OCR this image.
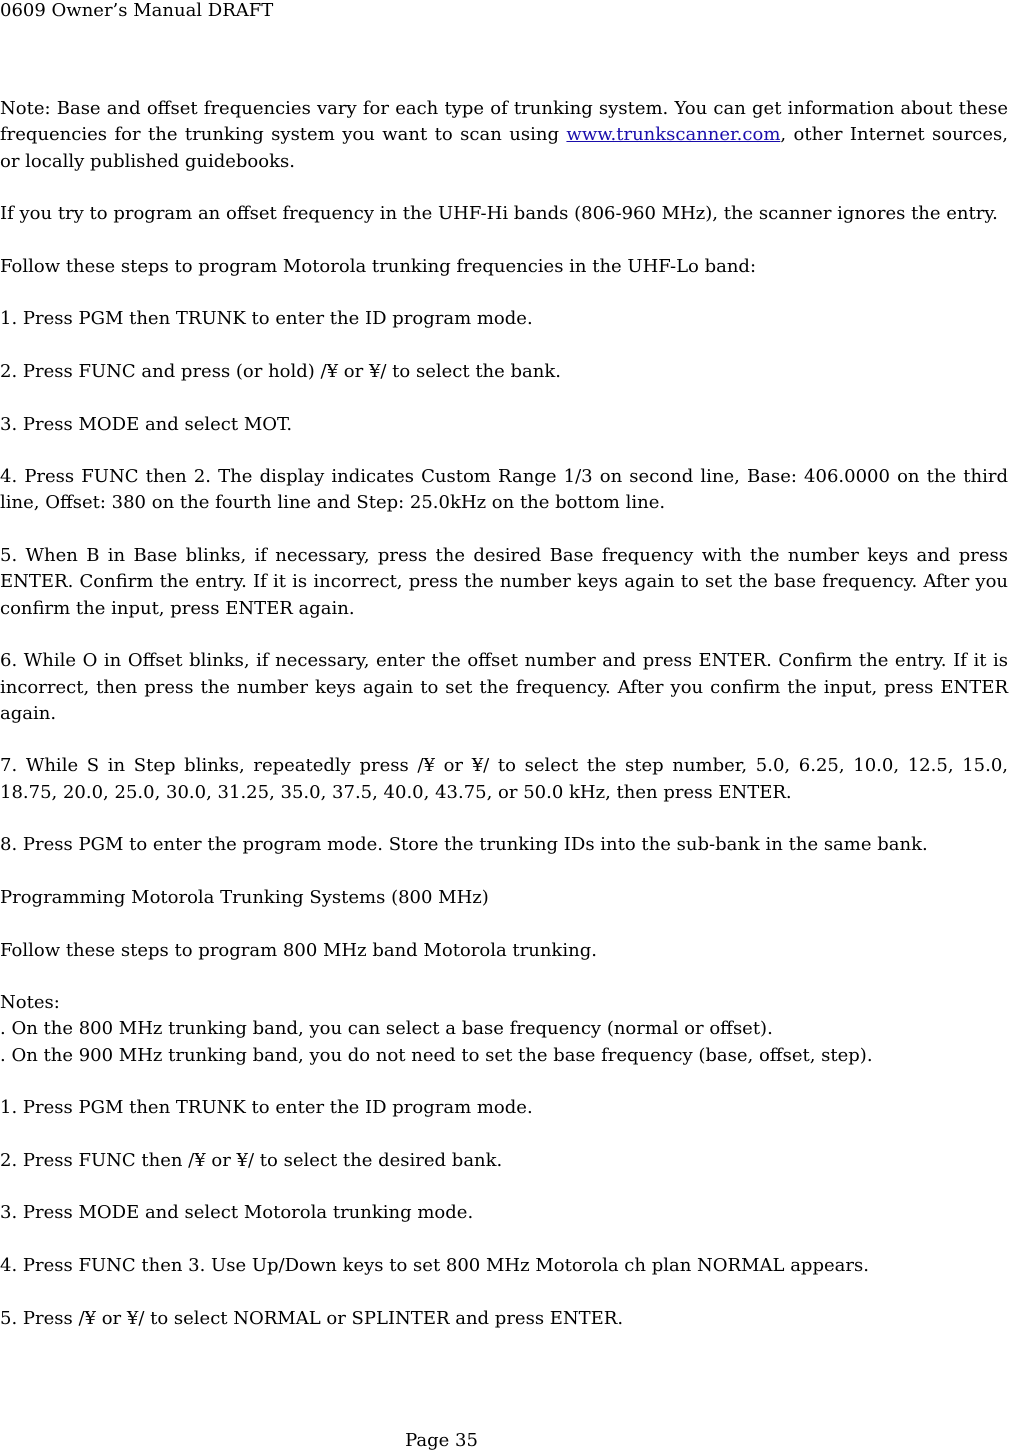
0609 Owner’s Manual DRAFT

Note: Base and offset frequencies vary for each type of trunking system. You can get information about these frequencies for the trunking system you want to scan using www.trunkscanner.com, other Internet sources, or locally published guidebooks.

If you try to program an offset frequency in the UHF-Hi bands (806-960 MHz), the scanner ignores the entry.

Follow these steps to program Motorola trunking frequencies in the UHF-Lo band:

1. Press PGM then TRUNK to enter the ID program mode.

2. Press FUNC and press (or hold) /¥ or ¥/ to select the bank.

3. Press MODE and select MOT.

4. Press FUNC then 2. The display indicates Custom Range 1/3 on second line, Base: 406.0000 on the third line, Offset: 380 on the fourth line and Step: 25.0kHz on the bottom line.

5. When B in Base blinks, if necessary, press the desired Base frequency with the number keys and press ENTER. Confirm the entry. If it is incorrect, press the number keys again to set the base frequency. After you confirm the input, press ENTER again.

6. While O in Offset blinks, if necessary, enter the offset number and press ENTER. Confirm the entry. If it is incorrect, then press the number keys again to set the frequency. After you confirm the input, press ENTER again.

7. While S in Step blinks, repeatedly press /¥ or ¥/ to select the step number, 5.0, 6.25, 10.0, 12.5, 15.0, 18.75, 20.0, 25.0, 30.0, 31.25, 35.0, 37.5, 40.0, 43.75, or 50.0 kHz, then press ENTER.

8. Press PGM to enter the program mode. Store the trunking IDs into the sub-bank in the same bank.

Programming Motorola Trunking Systems (800 MHz)

Follow these steps to program 800 MHz band Motorola trunking.

Notes:
. On the 800 MHz trunking band, you can select a base frequency (normal or offset).
. On the 900 MHz trunking band, you do not need to set the base frequency (base, offset, step).

1. Press PGM then TRUNK to enter the ID program mode.

2. Press FUNC then /¥ or ¥/ to select the desired bank.

3. Press MODE and select Motorola trunking mode.

4. Press FUNC then 3. Use Up/Down keys to set 800 MHz Motorola ch plan NORMAL appears.

5. Press /¥ or ¥/ to select NORMAL or SPLINTER and press ENTER.

Page 35
